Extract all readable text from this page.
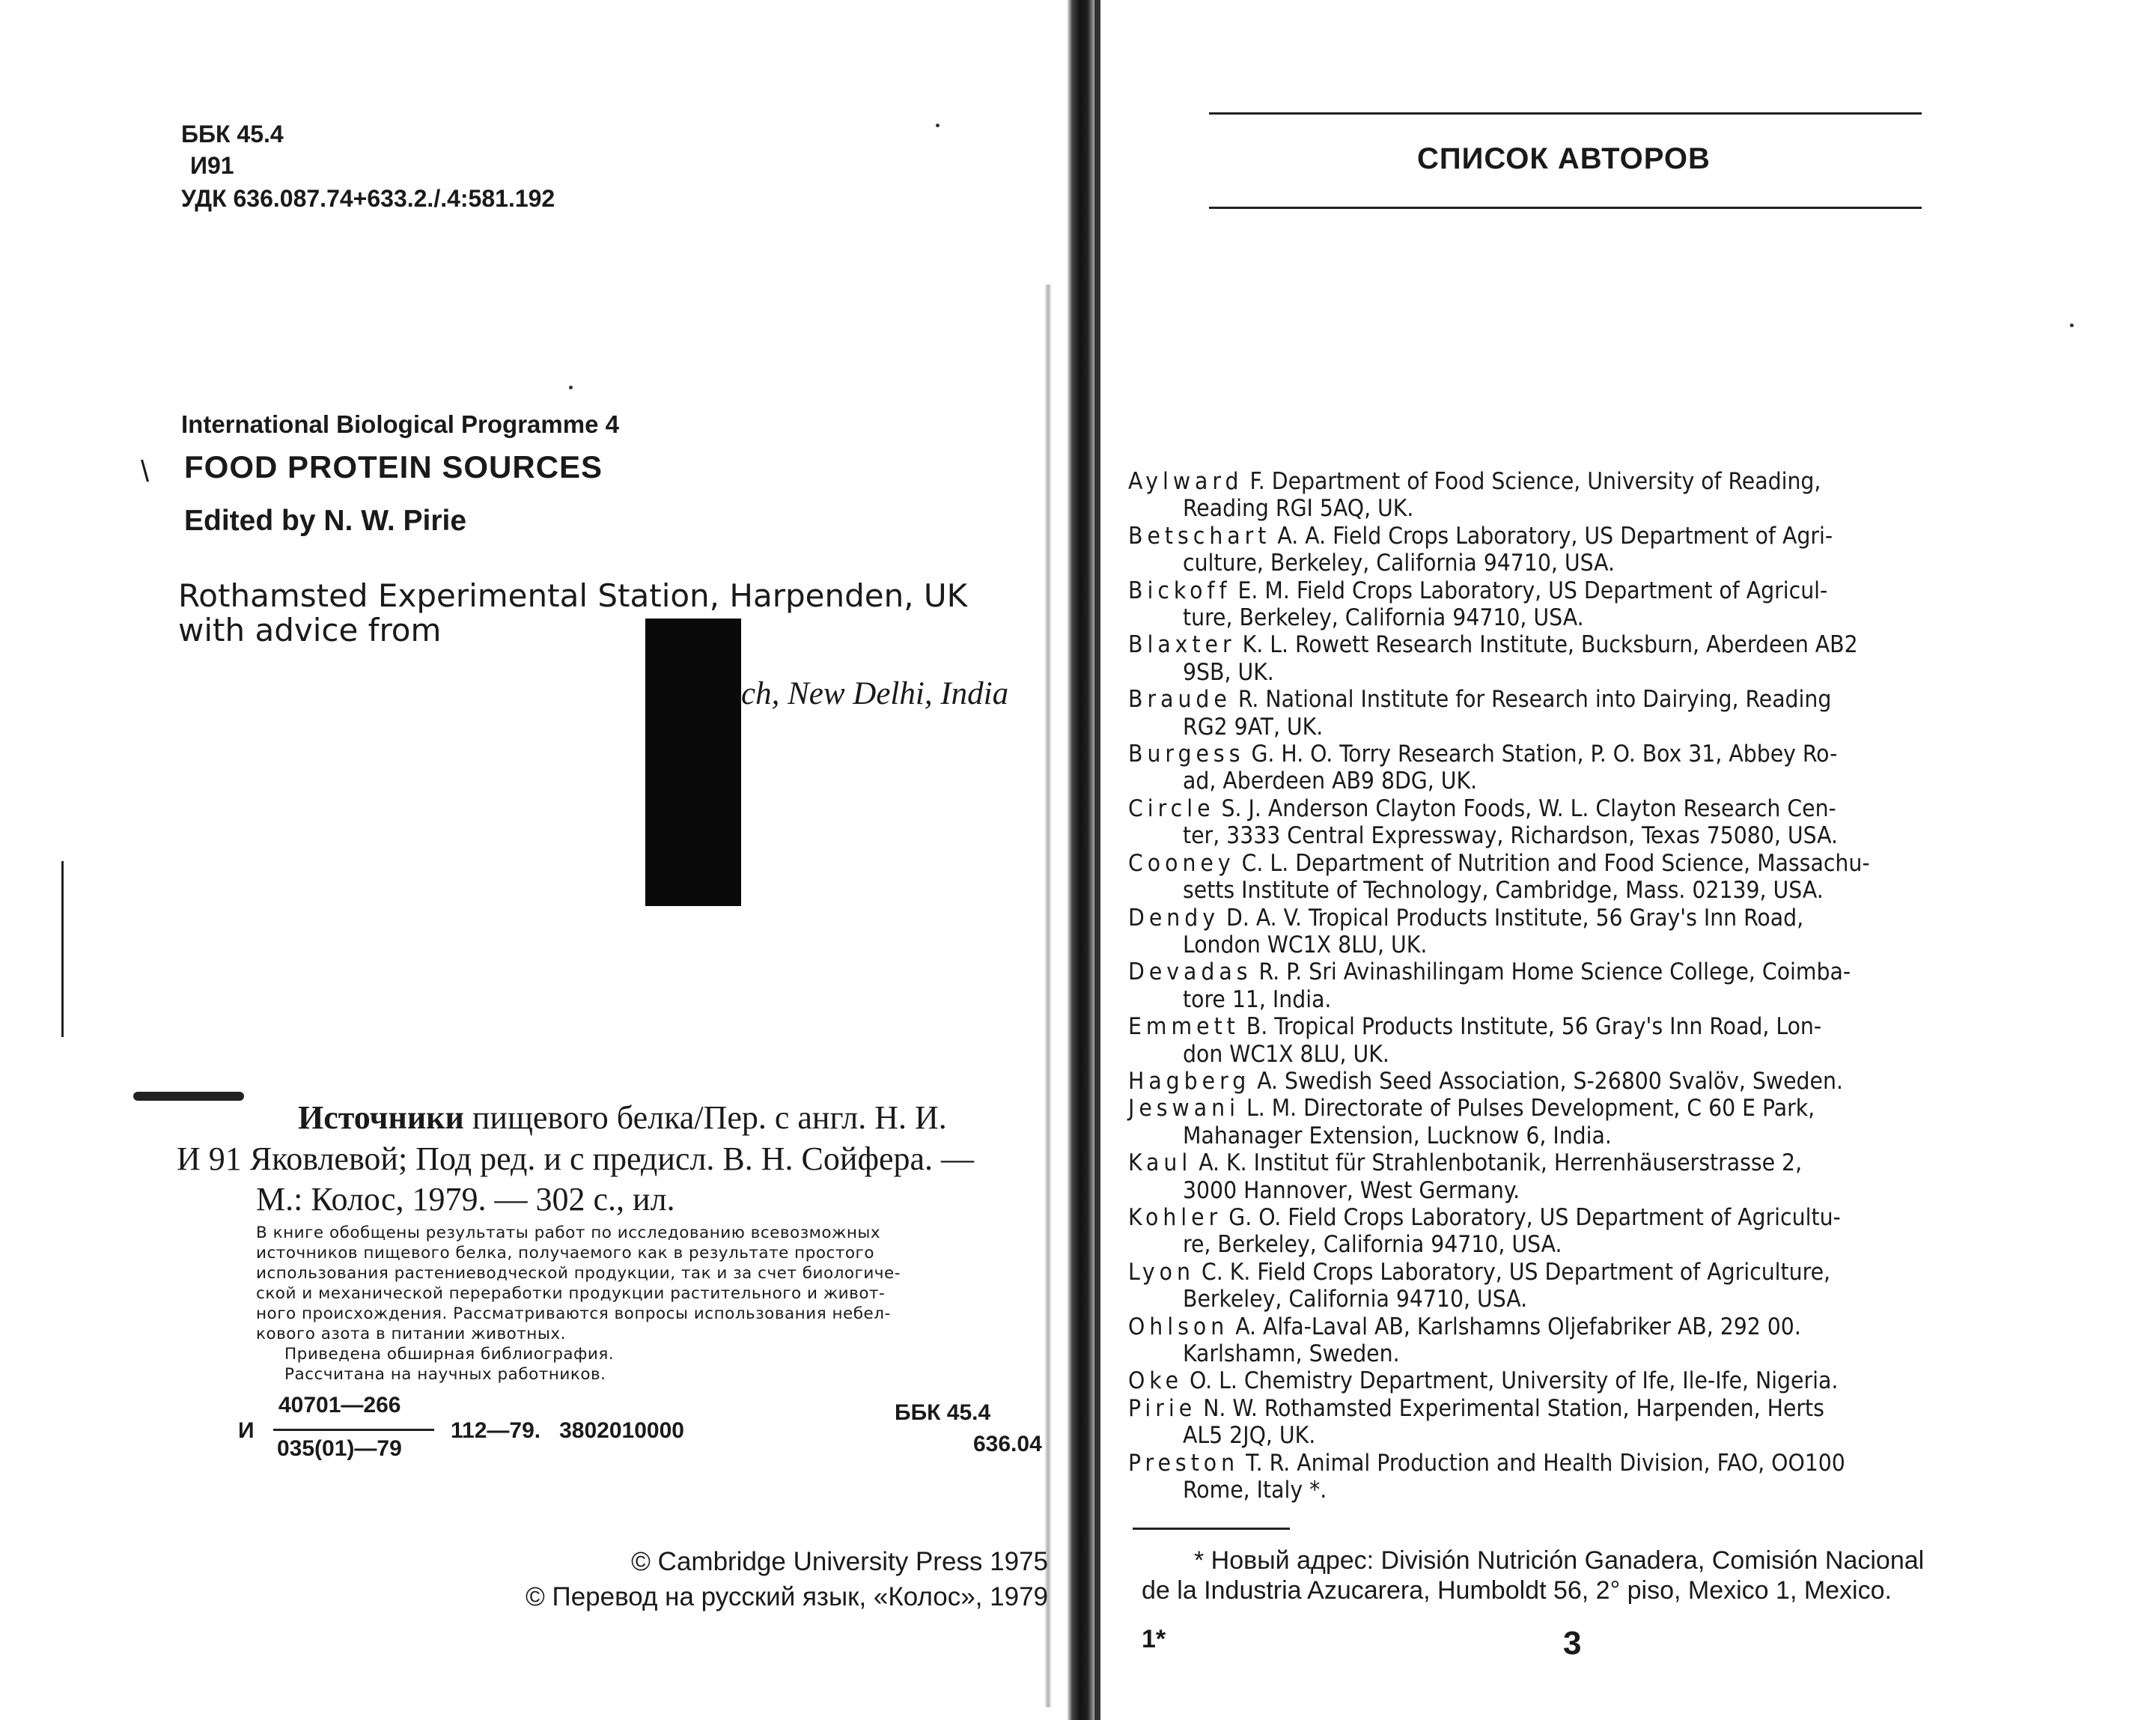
ББК 45.4
И91
УДК 636.087.74+633.2./.4:581.192
International Biological Programme 4
\ FOOD PROTEIN SOURCES
Edited by N. W. Pirie
Rothamsted Experimental Station, Harpenden, UK
with advice from
ch, New Delhi, India
Источники пищевого белка/Пер. с англ. Н. И.
И 91 Яковлевой; Под ред. и с предисл. В. Н. Сойфера. —
М.: Колос, 1979. — 302 с., ил.
В книге обобщены результаты работ по исследованию всевозможных
источников пищевого белка, получаемого как в результате простого
использования растениеводческой продукции, так и за счет биологиче-
ской и механической переработки продукции растительного и живот-
ного происхождения. Рассматриваются вопросы использования небел-
кового азота в питании животных.
Приведена обширная библиография.
Рассчитана на научных работников.
И
40701—266
035(01)—79
112—79.   3802010000
ББК 45.4
636.04
© Cambridge University Press 1975
© Перевод на русский язык, «Колос», 1979
СПИСОК АВТОРОВ
Aylward F. Department of Food Science, University of Reading,
Reading RGI 5AQ, UK.
Betschart A. A. Field Crops Laboratory, US Department of Agri-
culture, Berkeley, California 94710, USA.
Bickoff E. M. Field Crops Laboratory, US Department of Agricul-
ture, Berkeley, California 94710, USA.
Blaxter K. L. Rowett Research Institute, Bucksburn, Aberdeen AB2
9SB, UK.
Braude R. National Institute for Research into Dairying, Reading
RG2 9AT, UK.
Burgess G. H. O. Torry Research Station, P. O. Box 31, Abbey Ro-
ad, Aberdeen AB9 8DG, UK.
Circle S. J. Anderson Clayton Foods, W. L. Clayton Research Cen-
ter, 3333 Central Expressway, Richardson, Texas 75080, USA.
Cooney C. L. Department of Nutrition and Food Science, Massachu-
setts Institute of Technology, Cambridge, Mass. 02139, USA.
Dendy D. A. V. Tropical Products Institute, 56 Gray's Inn Road,
London WC1X 8LU, UK.
Devadas R. P. Sri Avinashilingam Home Science College, Coimba-
tore 11, India.
Emmett B. Tropical Products Institute, 56 Gray's Inn Road, Lon-
don WC1X 8LU, UK.
Hagberg A. Swedish Seed Association, S-26800 Svalöv, Sweden.
Jeswani L. M. Directorate of Pulses Development, C 60 E Park,
Mahanager Extension, Lucknow 6, India.
Kaul A. K. Institut für Strahlenbotanik, Herrenhäuserstrasse 2,
3000 Hannover, West Germany.
Kohler G. O. Field Crops Laboratory, US Department of Agricultu-
re, Berkeley, California 94710, USA.
Lyon C. K. Field Crops Laboratory, US Department of Agriculture,
Berkeley, California 94710, USA.
Ohlson A. Alfa-Laval AB, Karlshamns Oljefabriker AB, 292 00.
Karlshamn, Sweden.
Oke O. L. Chemistry Department, University of Ife, Ile-Ife, Nigeria.
Pirie N. W. Rothamsted Experimental Station, Harpenden, Herts
AL5 2JQ, UK.
Preston T. R. Animal Production and Health Division, FAO, OO100
Rome, Italy *.
* Новый адрес: División Nutrición Ganadera, Comisión Nacional
de la Industria Azucarera, Humboldt 56, 2° piso, Mexico 1, Mexico.
1*	3
